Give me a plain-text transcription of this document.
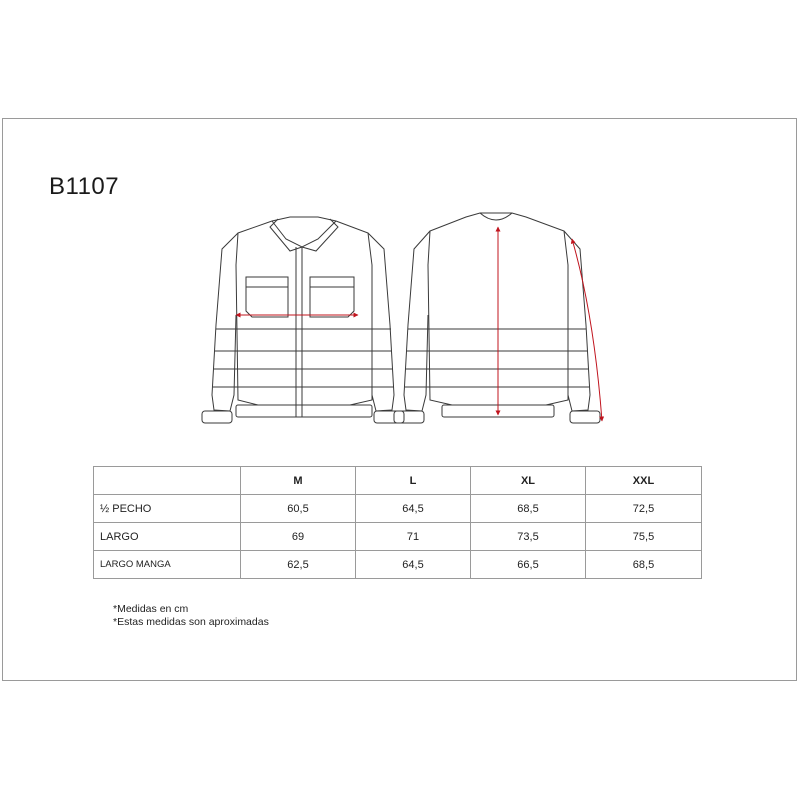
B1107
	M	L	XL	XXL
½ PECHO	60,5	64,5	68,5	72,5
LARGO	69	71	73,5	75,5
LARGO MANGA	62,5	64,5	66,5	68,5
*Medidas en cm
*Estas medidas son aproximadas
